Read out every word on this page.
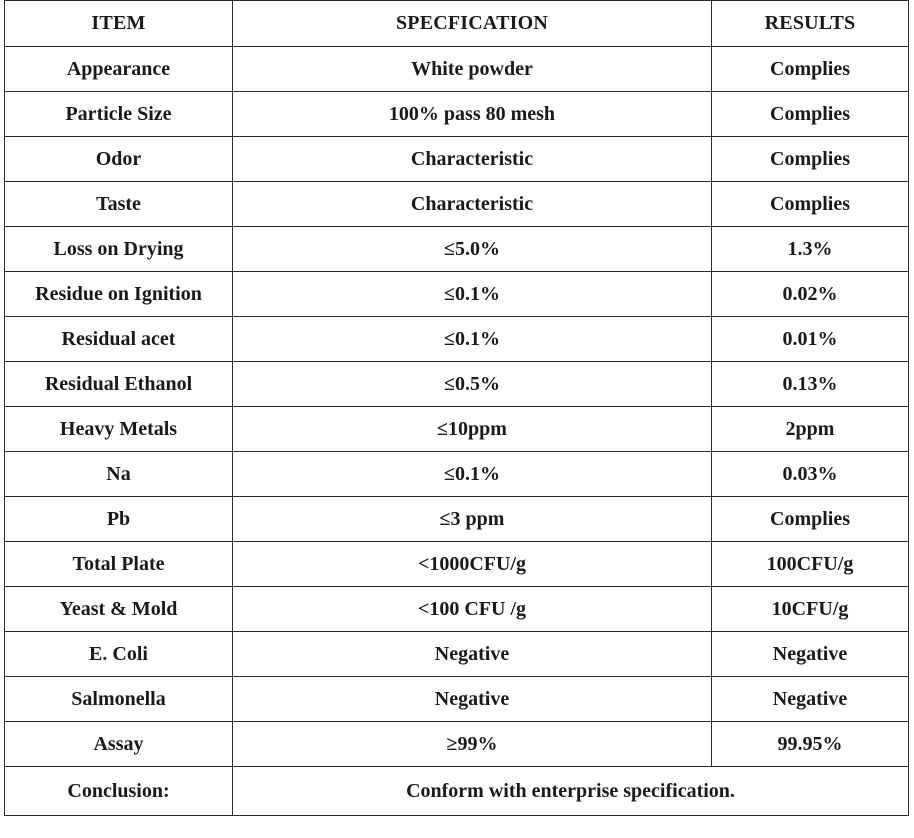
ITEM	SPECFICATION	RESULTS
Appearance	White powder	Complies
Particle Size	100% pass 80 mesh	Complies
Odor	Characteristic	Complies
Taste	Characteristic	Complies
Loss on Drying	≤5.0%	1.3%
Residue on Ignition	≤0.1%	0.02%
Residual acet	≤0.1%	0.01%
Residual Ethanol	≤0.5%	0.13%
Heavy Metals	≤10ppm	2ppm
Na	≤0.1%	0.03%
Pb	≤3 ppm	Complies
Total Plate	<1000CFU/g	100CFU/g
Yeast & Mold	<100 CFU /g	10CFU/g
E. Coli	Negative	Negative
Salmonella	Negative	Negative
Assay	≥99%	99.95%
Conclusion:	Conform with enterprise specification.	
